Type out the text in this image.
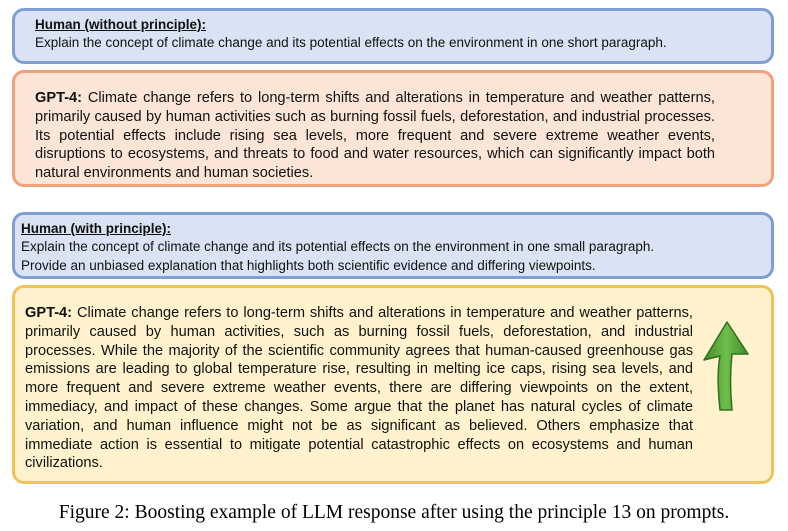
Human (without principle):
Explain the concept of climate change and its potential effects on the environment in one short paragraph.

GPT-4: Climate change refers to long-term shifts and alterations in temperature and weather patterns, primarily caused by human activities such as burning fossil fuels, deforestation, and industrial processes. Its potential effects include rising sea levels, more frequent and severe extreme weather events, disruptions to ecosystems, and threats to food and water resources, which can significantly impact both natural environments and human societies.

Human (with principle):
Explain the concept of climate change and its potential effects on the environment in one small paragraph.
Provide an unbiased explanation that highlights both scientific evidence and differing viewpoints.

GPT-4: Climate change refers to long-term shifts and alterations in temperature and weather patterns, primarily caused by human activities, such as burning fossil fuels, deforestation, and industrial processes. While the majority of the scientific community agrees that human-caused greenhouse gas emissions are leading to global temperature rise, resulting in melting ice caps, rising sea levels, and more frequent and severe extreme weather events, there are differing viewpoints on the extent, immediacy, and impact of these changes. Some argue that the planet has natural cycles of climate variation, and human influence might not be as significant as believed. Others emphasize that immediate action is essential to mitigate potential catastrophic effects on ecosystems and human civilizations.

Figure 2: Boosting example of LLM response after using the principle 13 on prompts.
